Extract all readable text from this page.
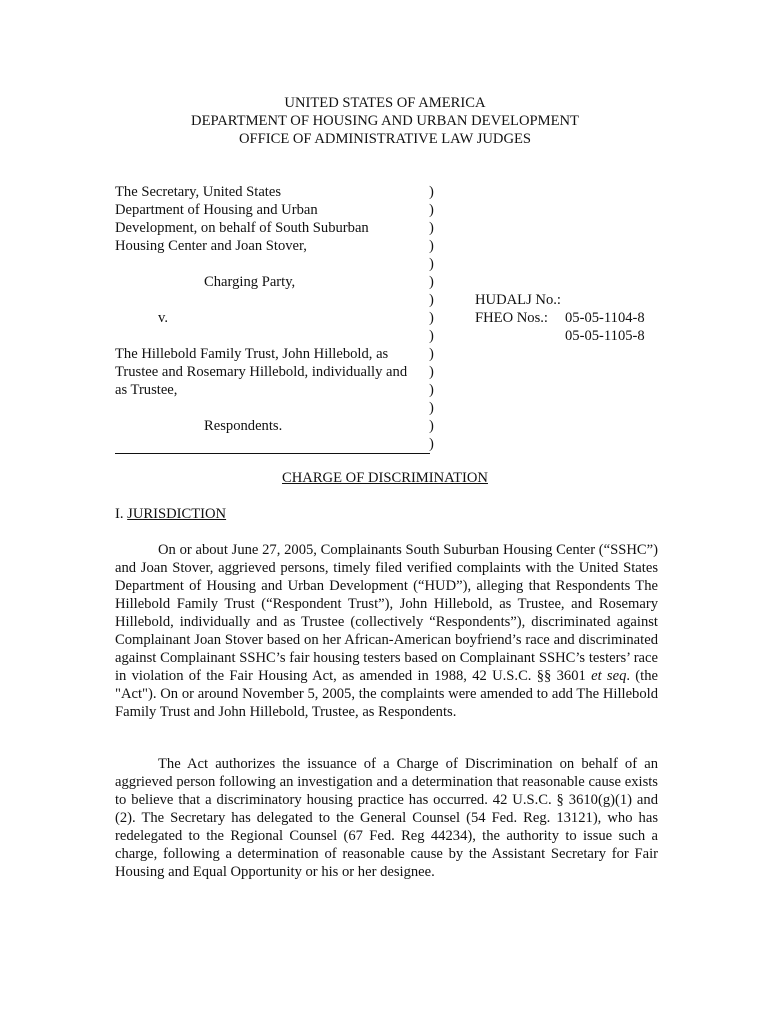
UNITED STATES OF AMERICA
DEPARTMENT OF HOUSING AND URBAN DEVELOPMENT
OFFICE OF ADMINISTRATIVE LAW JUDGES
The Secretary, United States
Department of Housing and Urban
Development, on behalf of South Suburban
Housing Center and Joan Stover,
Charging Party,
v.
The Hillebold Family Trust, John Hillebold, as
Trustee and Rosemary Hillebold, individually and
as Trustee,
Respondents.
)
)
)
)
)
)
)
)
)
)
)
)
)
)
)
HUDALJ No.:
FHEO Nos.: 05-05-1104-8
05-05-1105-8
CHARGE OF DISCRIMINATION
I. JURISDICTION

On or about June 27, 2005, Complainants South Suburban Housing Center (“SSHC”) and Joan Stover, aggrieved persons, timely filed verified complaints with the United States Department of Housing and Urban Development (“HUD”), alleging that Respondents The Hillebold Family Trust (“Respondent Trust”), John Hillebold, as Trustee, and Rosemary Hillebold, individually and as Trustee (collectively “Respondents”), discriminated against Complainant Joan Stover based on her African-American boyfriend’s race and discriminated against Complainant SSHC’s fair housing testers based on Complainant SSHC’s testers’ race in violation of the Fair Housing Act, as amended in 1988, 42 U.S.C. §§ 3601 et seq. (the "Act"). On or around November 5, 2005, the complaints were amended to add The Hillebold Family Trust and John Hillebold, Trustee, as Respondents.

The Act authorizes the issuance of a Charge of Discrimination on behalf of an aggrieved person following an investigation and a determination that reasonable cause exists to believe that a discriminatory housing practice has occurred. 42 U.S.C. § 3610(g)(1) and (2). The Secretary has delegated to the General Counsel (54 Fed. Reg. 13121), who has redelegated to the Regional Counsel (67 Fed. Reg 44234), the authority to issue such a charge, following a determination of reasonable cause by the Assistant Secretary for Fair Housing and Equal Opportunity or his or her designee.
